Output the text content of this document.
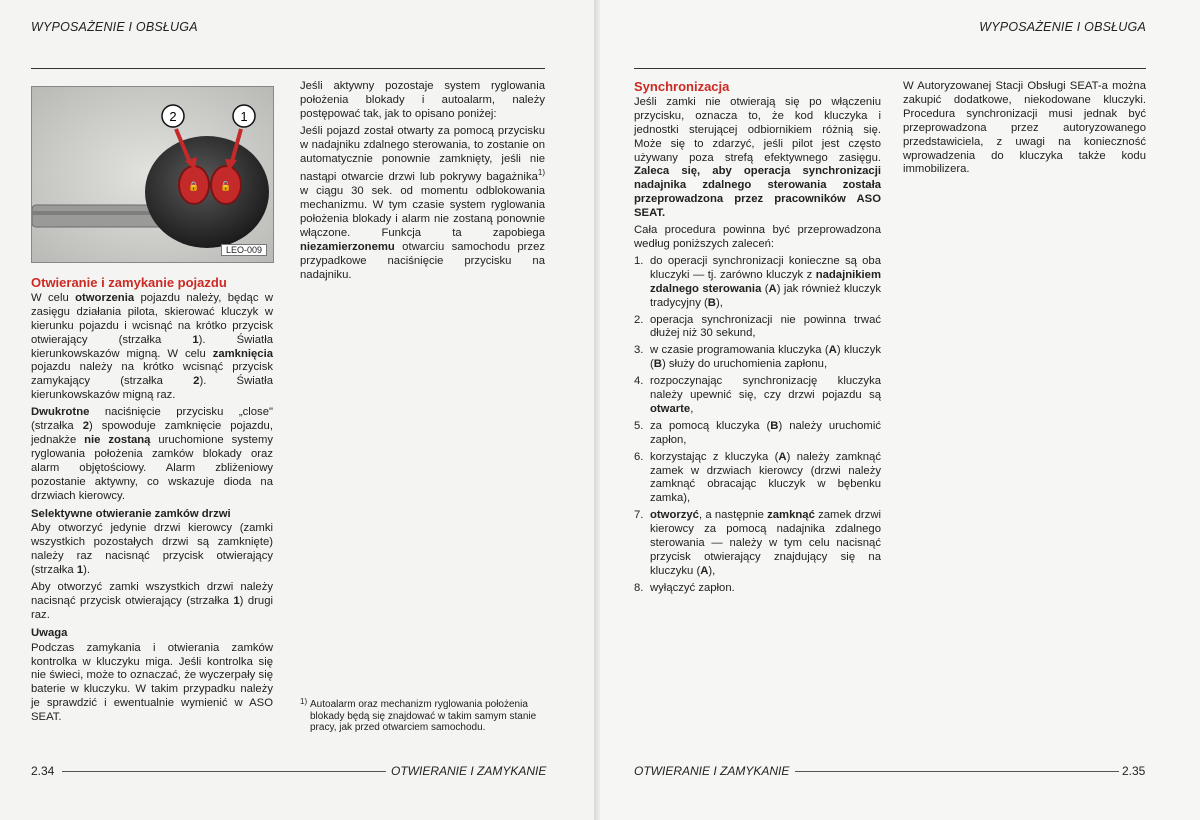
WYPOSAŻENIE I OBSŁUGA
🔒 🔓
2	1
LEO-009
Otwieranie i zamykanie pojazdu

W celu otworzenia pojazdu należy, będąc w zasięgu działania pilota, skierować kluczyk w kierunku pojazdu i wcisnąć na krótko przycisk otwierający (strzałka 1). Światła kierunkowskazów migną. W celu zamknięcia pojazdu należy na krótko wcisnąć przycisk zamykający (strzałka 2). Światła kierunkowskazów migną raz.

Dwukrotne naciśnięcie przycisku „close" (strzałka 2) spowoduje zamknięcie pojazdu, jednakże nie zostaną uruchomione systemy ryglowania położenia zamków blokady oraz alarm objętościowy. Alarm zbliżeniowy pozostanie aktywny, co wskazuje dioda na drzwiach kierowcy.

Selektywne otwieranie zamków drzwi

Aby otworzyć jedynie drzwi kierowcy (zamki wszystkich pozostałych drzwi są zamknięte) należy raz nacisnąć przycisk otwierający (strzałka 1).

Aby otworzyć zamki wszystkich drzwi należy nacisnąć przycisk otwierający (strzałka 1) drugi raz.

Uwaga

Podczas zamykania i otwierania zamków kontrolka w kluczyku miga. Jeśli kontrolka się nie świeci, może to oznaczać, że wyczerpały się baterie w kluczyku. W takim przypadku należy je sprawdzić i ewentualnie wymienić w ASO SEAT.

Jeśli aktywny pozostaje system ryglowania położenia blokady i autoalarm, należy postępować tak, jak to opisano poniżej:

Jeśli pojazd został otwarty za pomocą przycisku w nadajniku zdalnego sterowania, to zostanie on automatycznie ponownie zamknięty, jeśli nie nastąpi otwarcie drzwi lub pokrywy bagażnika$^{1)}$ w ciągu 30 sek. od momentu odblokowania mechanizmu. W tym czasie system ryglowania położenia blokady i alarm nie zostaną ponownie włączone. Funkcja ta zapobiega niezamierzonemu otwarciu samochodu przez przypadkowe naciśnięcie przycisku na nadajniku.

1) Autoalarm oraz mechanizm ryglowania położenia blokady będą się znajdować w takim samym stanie pracy, jak przed otwarciem samochodu.
2.34	OTWIERANIE I ZAMYKANIE
WYPOSAŻENIE I OBSŁUGA
Synchronizacja

Jeśli zamki nie otwierają się po włączeniu przycisku, oznacza to, że kod kluczyka i jednostki sterującej odbiornikiem różnią się. Może się to zdarzyć, jeśli pilot jest często używany poza strefą efektywnego zasięgu. Zaleca się, aby operacja synchronizacji nadajnika zdalnego sterowania została przeprowadzona przez pracowników ASO SEAT.

Cała procedura powinna być przeprowadzona według poniższych zaleceń:

1. do operacji synchronizacji konieczne są oba kluczyki — tj. zarówno kluczyk z nadajnikiem zdalnego sterowania (A) jak również kluczyk tradycyjny (B),
2. operacja synchronizacji nie powinna trwać dłużej niż 30 sekund,
3. w czasie programowania kluczyka (A) kluczyk (B) służy do uruchomienia zapłonu,
4. rozpoczynając synchronizację kluczyka należy upewnić się, czy drzwi pojazdu są otwarte,
5. za pomocą kluczyka (B) należy uruchomić zapłon,
6. korzystając z kluczyka (A) należy zamknąć zamek w drzwiach kierowcy (drzwi należy zamknąć obracając kluczyk w bębenku zamka),
7. otworzyć, a następnie zamknąć zamek drzwi kierowcy za pomocą nadajnika zdalnego sterowania — należy w tym celu nacisnąć przycisk otwierający znajdujący się na kluczyku (A),
8. wyłączyć zapłon.

W Autoryzowanej Stacji Obsługi SEAT-a można zakupić dodatkowe, niekodowane kluczyki. Procedura synchronizacji musi jednak być przeprowadzona przez autoryzowanego przedstawiciela, z uwagi na konieczność wprowadzenia do kluczyka także kodu immobilizera.

OTWIERANIE I ZAMYKANIE	2.35
